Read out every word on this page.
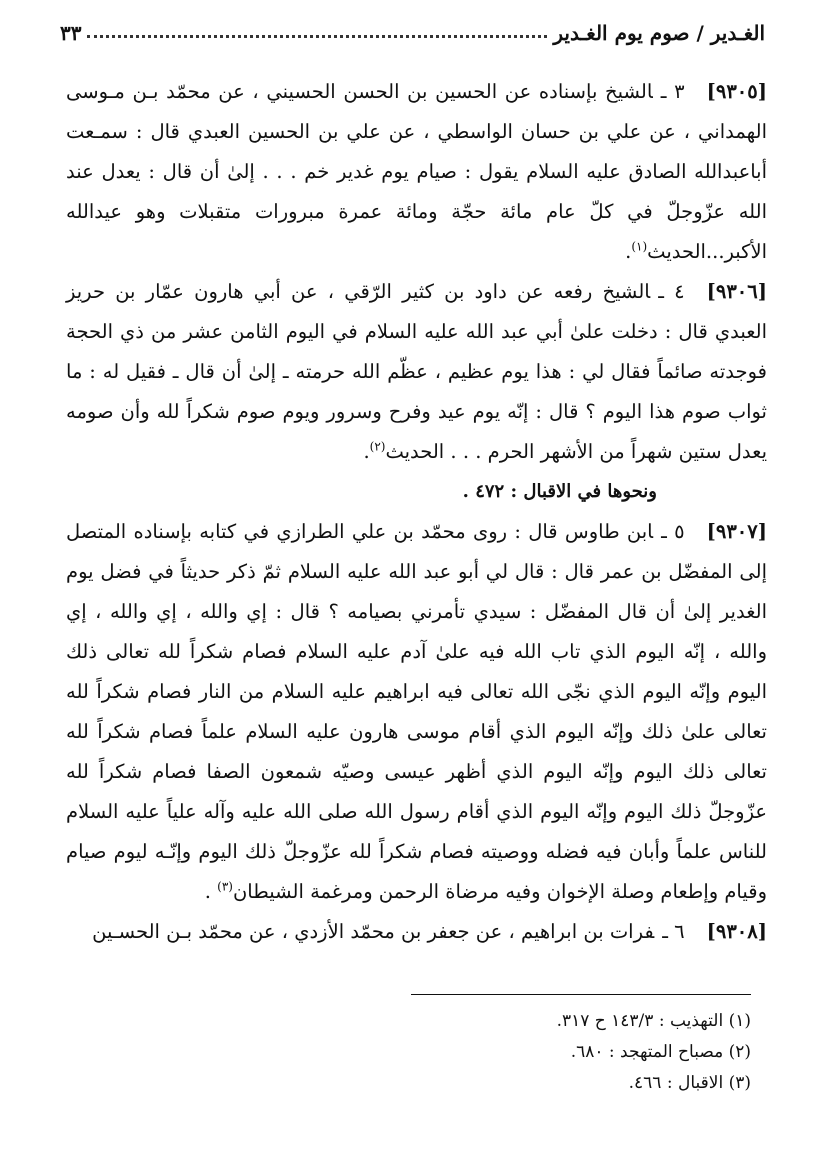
الغـدير / صوم يوم الغـدير
٣٣

[٩٣٠٥]٣ ـالشيخ بإسناده عن الحسين بن الحسن الحسيني ، عن محمّد بـن مـوسى الهمداني ، عن علي بن حسان الواسطي ، عن علي بن الحسين العبدي قال : سمـعت أباعبدالله الصادق عليه السلام يقول : صيام يوم غدير خم . . . إلىٰ أن قال : يعدل عند الله عزّوجلّ في كلّ عام مائة حجّة ومائة عمرة مبرورات متقبلات وهو عيدالله الأكبر...الحديث$^{(١)}$.

[٩٣٠٦]٤ ـالشيخ رفعه عن داود بن كثير الرّقي ، عن أبي هارون عمّار بن حريز العبدي قال : دخلت علىٰ أبي عبد الله عليه السلام في اليوم الثامن عشر من ذي الحجة فوجدته صائماً فقال لي : هذا يوم عظيم ، عظّم الله حرمته ـ إلىٰ أن قال ـ فقيل له : ما ثواب صوم هذا اليوم ؟ قال : إنّه يوم عيد وفرح وسرور ويوم صوم شكراً لله وأن صومه يعدل ستين شهراً من الأشهر الحرم . . . الحديث$^{(٢)}$.

ونحوها في الاقبال : ٤٧٢ .

[٩٣٠٧]٥ ـابن طاوس قال : روى محمّد بن علي الطرازي في كتابه بإسناده المتصل إلى المفضّل بن عمر قال : قال لي أبو عبد الله عليه السلام ثمّ ذكر حديثاً في فضل يوم الغدير إلىٰ أن قال المفضّل : سيدي تأمرني بصيامه ؟ قال : إي والله ، إي والله ، إي والله ، إنّه اليوم الذي تاب الله فيه علىٰ آدم عليه السلام فصام شكراً لله تعالى ذلك اليوم وإنّه اليوم الذي نجّى الله تعالى فيه ابراهيم عليه السلام من النار فصام شكراً لله تعالى علىٰ ذلك وإنّه اليوم الذي أقام موسى هارون عليه السلام علماً فصام شكراً لله تعالى ذلك اليوم وإنّه اليوم الذي أظهر عيسى وصيّه شمعون الصفا فصام شكراً لله عزّوجلّ ذلك اليوم وإنّه اليوم الذي أقام رسول الله صلى الله عليه وآله علياً عليه السلام للناس علماً وأبان فيه فضله ووصيته فصام شكراً لله عزّوجلّ ذلك اليوم وإنّـه ليوم صيام وقيام وإطعام وصلة الإخوان وفيه مرضاة الرحمن ومرغمة الشيطان$^{(٣)}$ .

[٩٣٠٨]٦ ـفرات بن ابراهيم ، عن جعفر بن محمّد الأزدي ، عن محمّد بـن الحسـين

(١) التهذيب : ١٤٣/٣ ح ٣١٧.
(٢) مصباح المتهجد : ٦٨٠.
(٣) الاقبال : ٤٦٦.
